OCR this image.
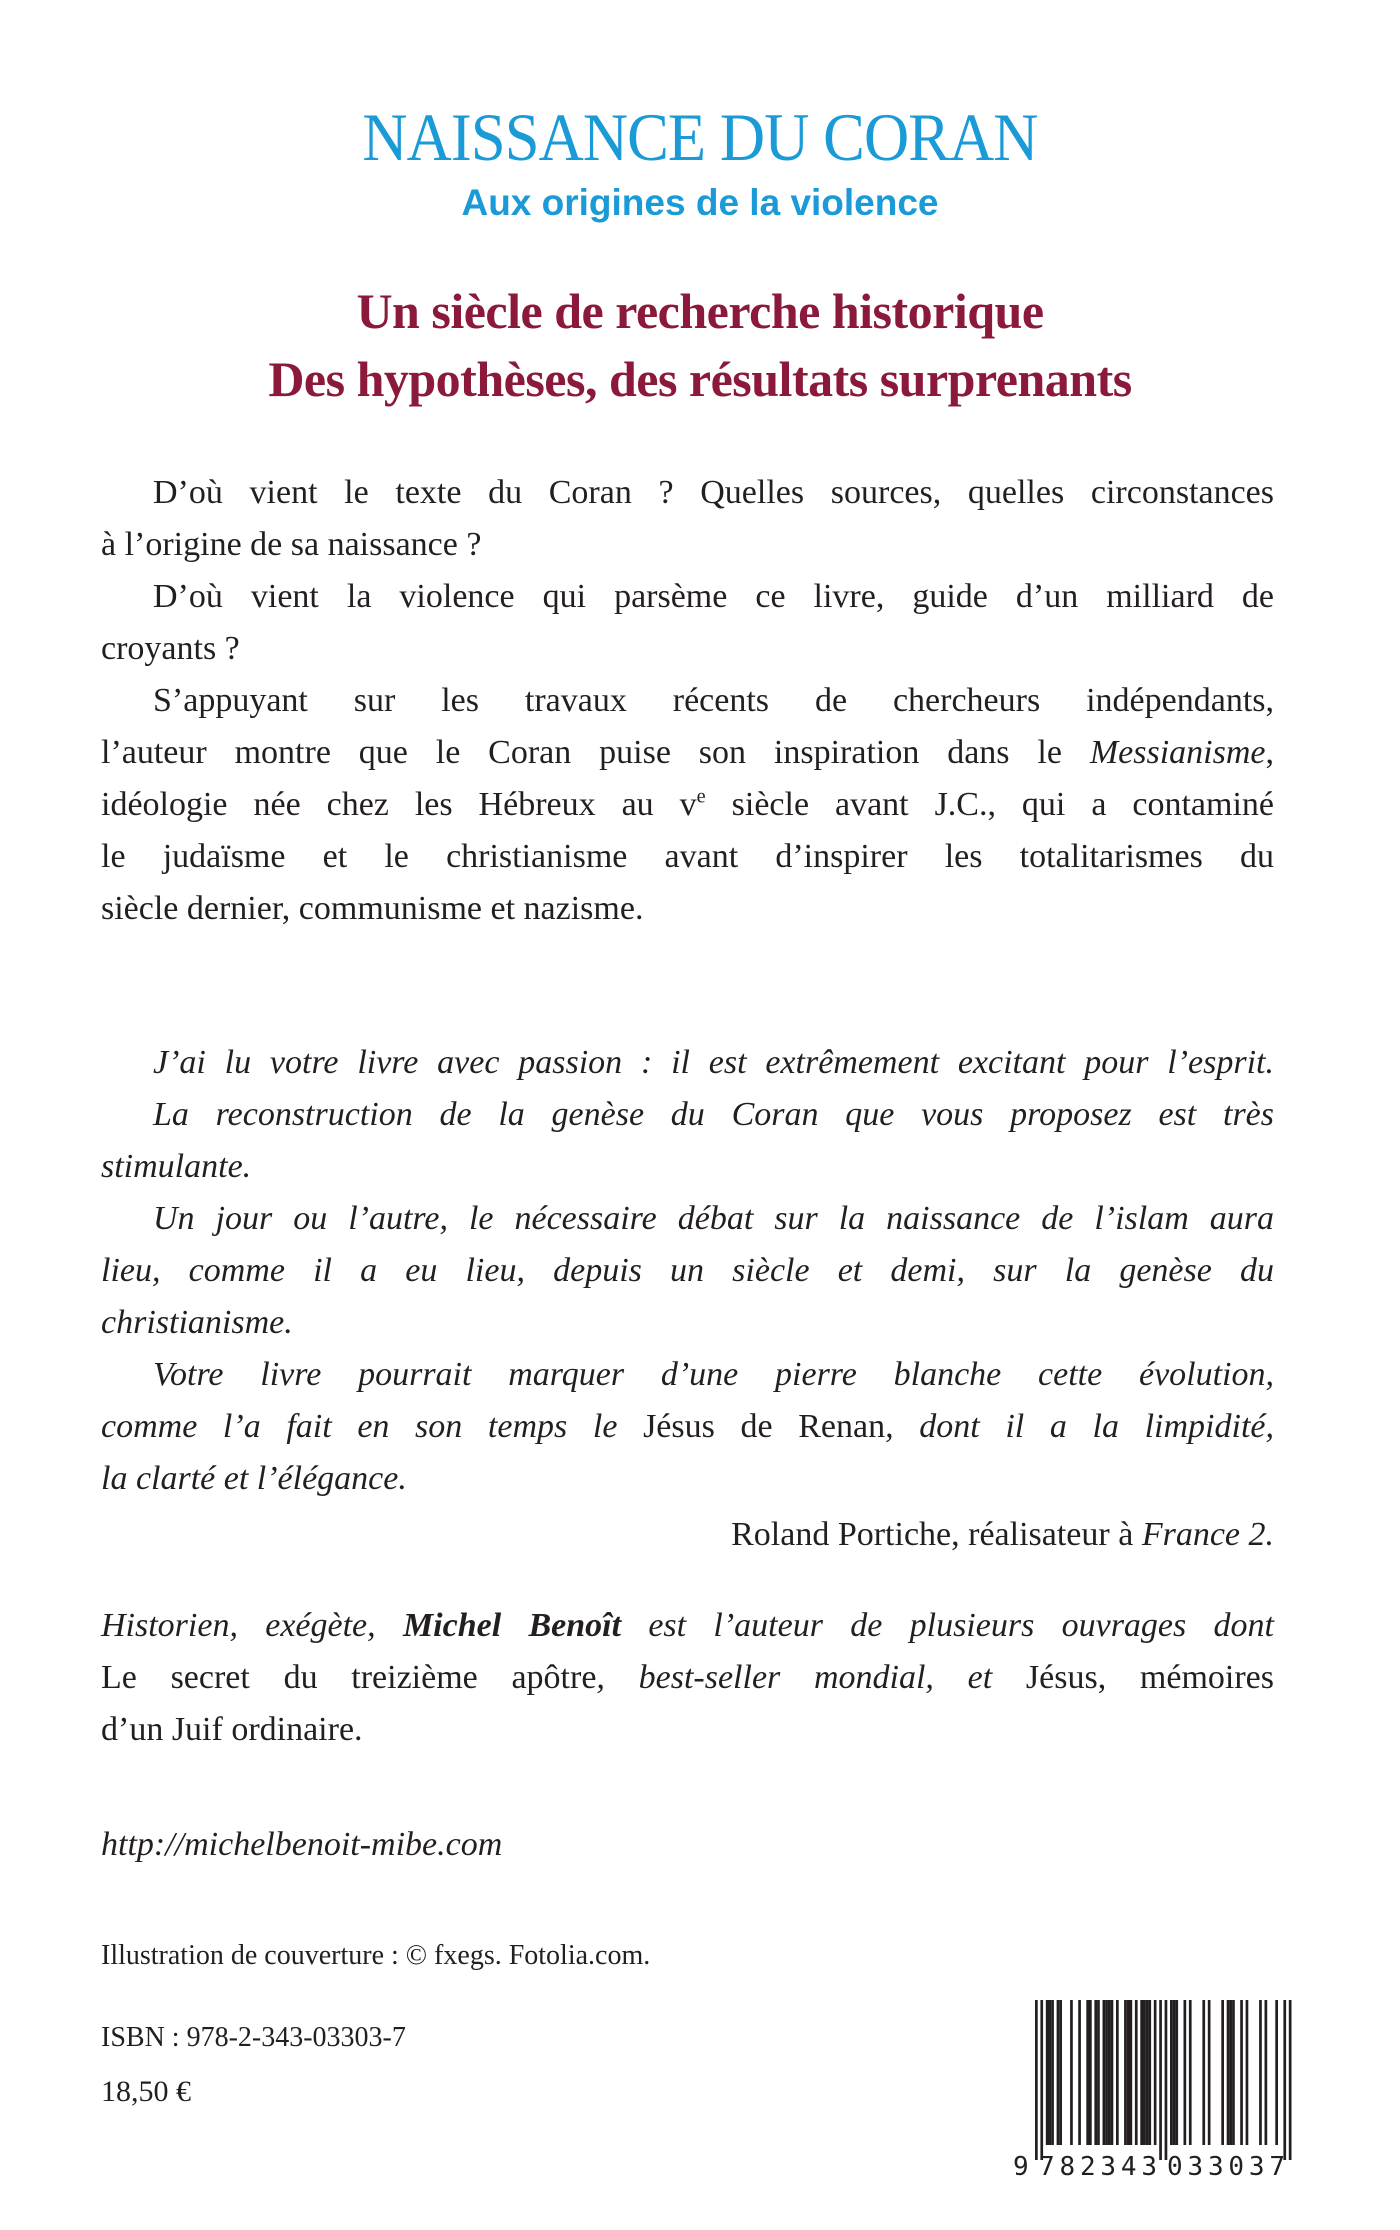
NAISSANCE DU CORAN
Aux origines de la violence
Un siècle de recherche historique
Des hypothèses, des résultats surprenants
D’où vient le texte du Coran ? Quelles sources, quelles circonstances
à l’origine de sa naissance ?
D’où vient la violence qui parsème ce livre, guide d’un milliard de
croyants ?
S’appuyant sur les travaux récents de chercheurs indépendants,
l’auteur montre que le Coran puise son inspiration dans le Messianisme,
idéologie née chez les Hébreux au $v^e$ siècle avant J.C., qui a contaminé
le judaïsme et le christianisme avant d’inspirer les totalitarismes du
siècle dernier, communisme et nazisme.
J’ai lu votre livre avec passion : il est extrêmement excitant pour l’esprit.
La reconstruction de la genèse du Coran que vous proposez est très
stimulante.
Un jour ou l’autre, le nécessaire débat sur la naissance de l’islam aura
lieu, comme il a eu lieu, depuis un siècle et demi, sur la genèse du
christianisme.
Votre livre pourrait marquer d’une pierre blanche cette évolution,
comme l’a fait en son temps le Jésus de Renan, dont il a la limpidité,
la clarté et l’élégance.
Roland Portiche, réalisateur à France 2.
Historien, exégète, Michel Benoît est l’auteur de plusieurs ouvrages dont
Le secret du treizième apôtre, best-seller mondial, et Jésus, mémoires
d’un Juif ordinaire.
http://michelbenoit-mibe.com
Illustration de couverture : © fxegs. Fotolia.com.
ISBN : 978-2-343-03303-7
18,50 €
9 782343 033037
